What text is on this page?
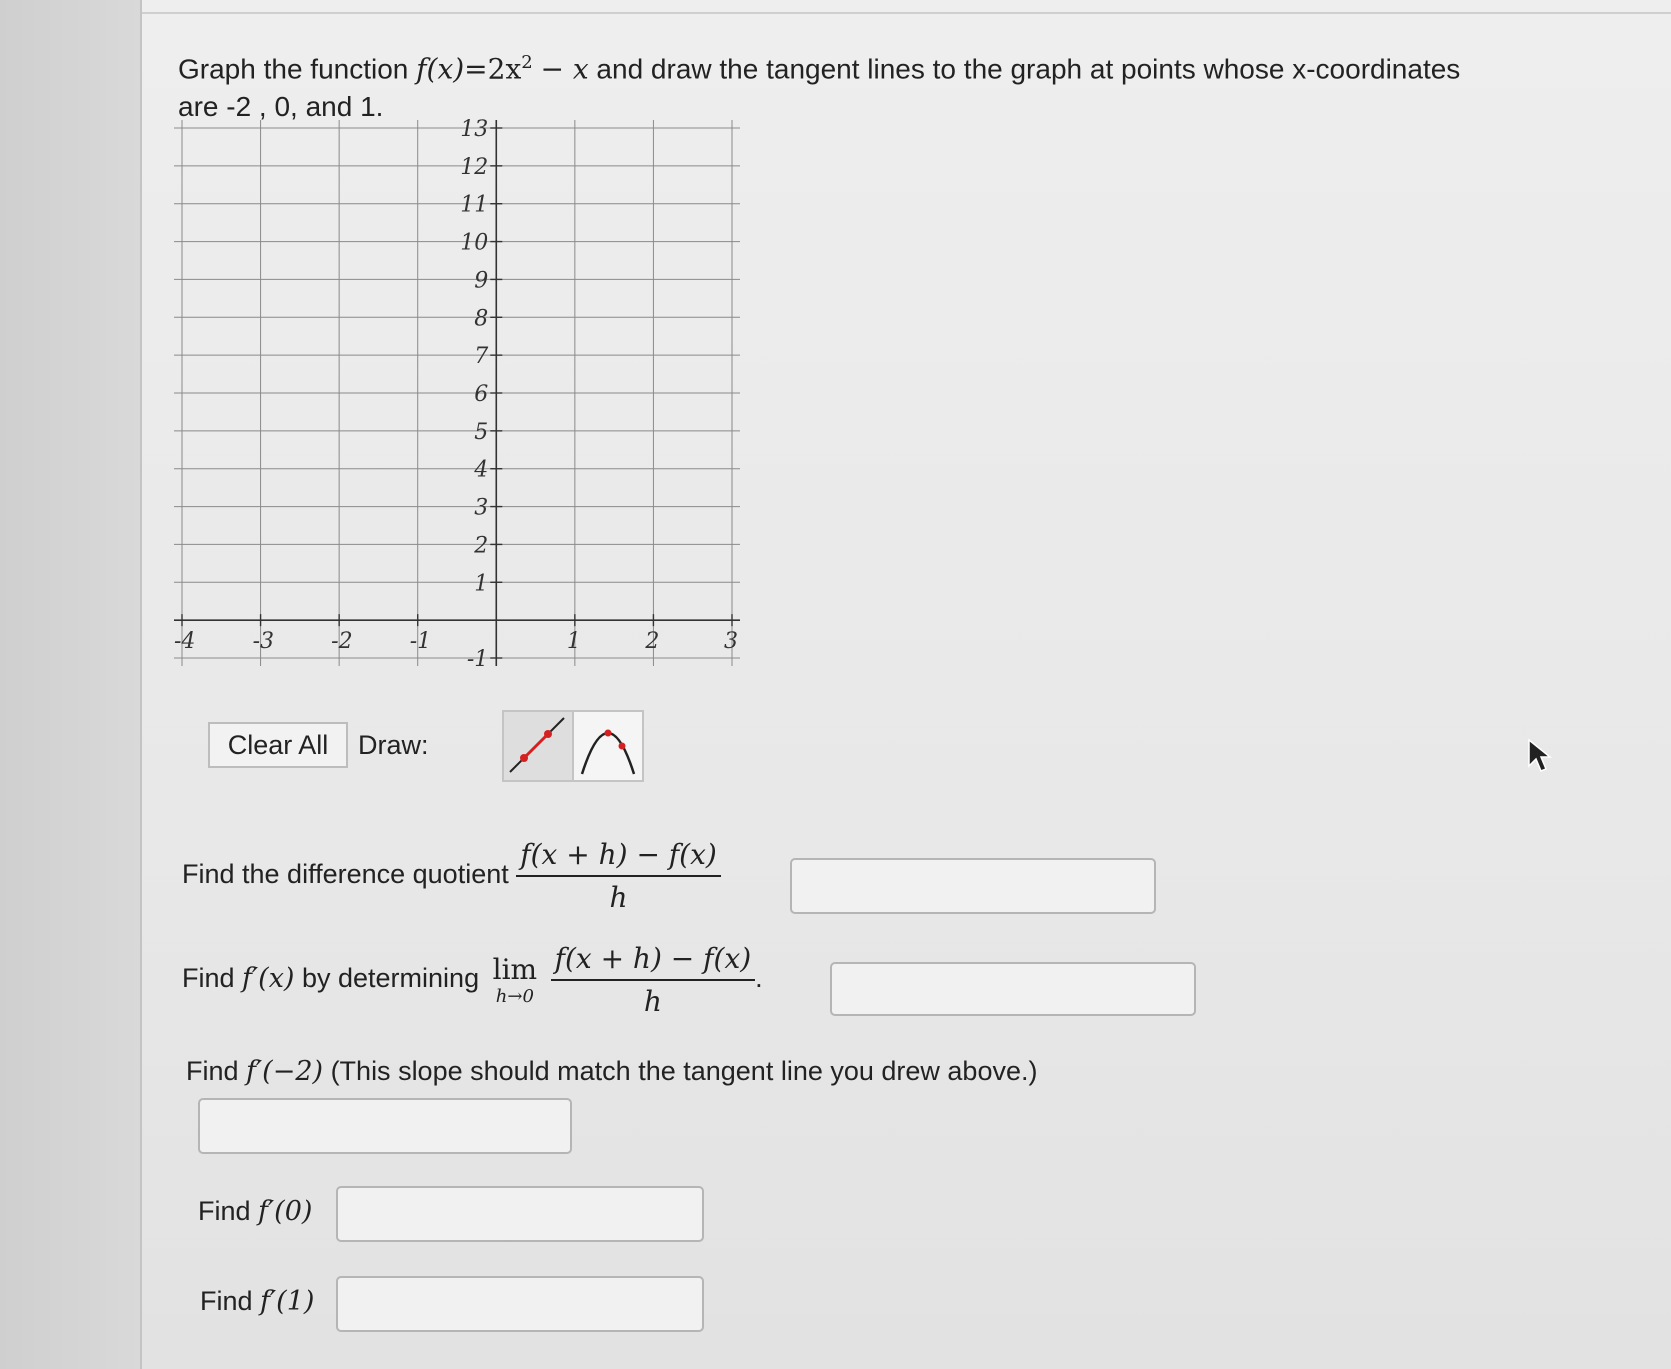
Graph the function $f(x)=2x^2 - x$ and draw the tangent lines to the graph at points whose x-coordinates
are -2 , 0, and 1.
-4	-3	-2	-1	1	2	3
13
12
11
10
9
8
7
6
5
4
3
2
1
-1
Clear All	Draw:
Find the difference quotient $\frac{f(x + h) - f(x)}{h}$
Find f′(x) by determining lim
h→0
$\frac{f(x + h) - f(x)}{h}$ .
Find f′(−2) (This slope should match the tangent line you drew above.)
Find f′(0)
Find f′(1)
